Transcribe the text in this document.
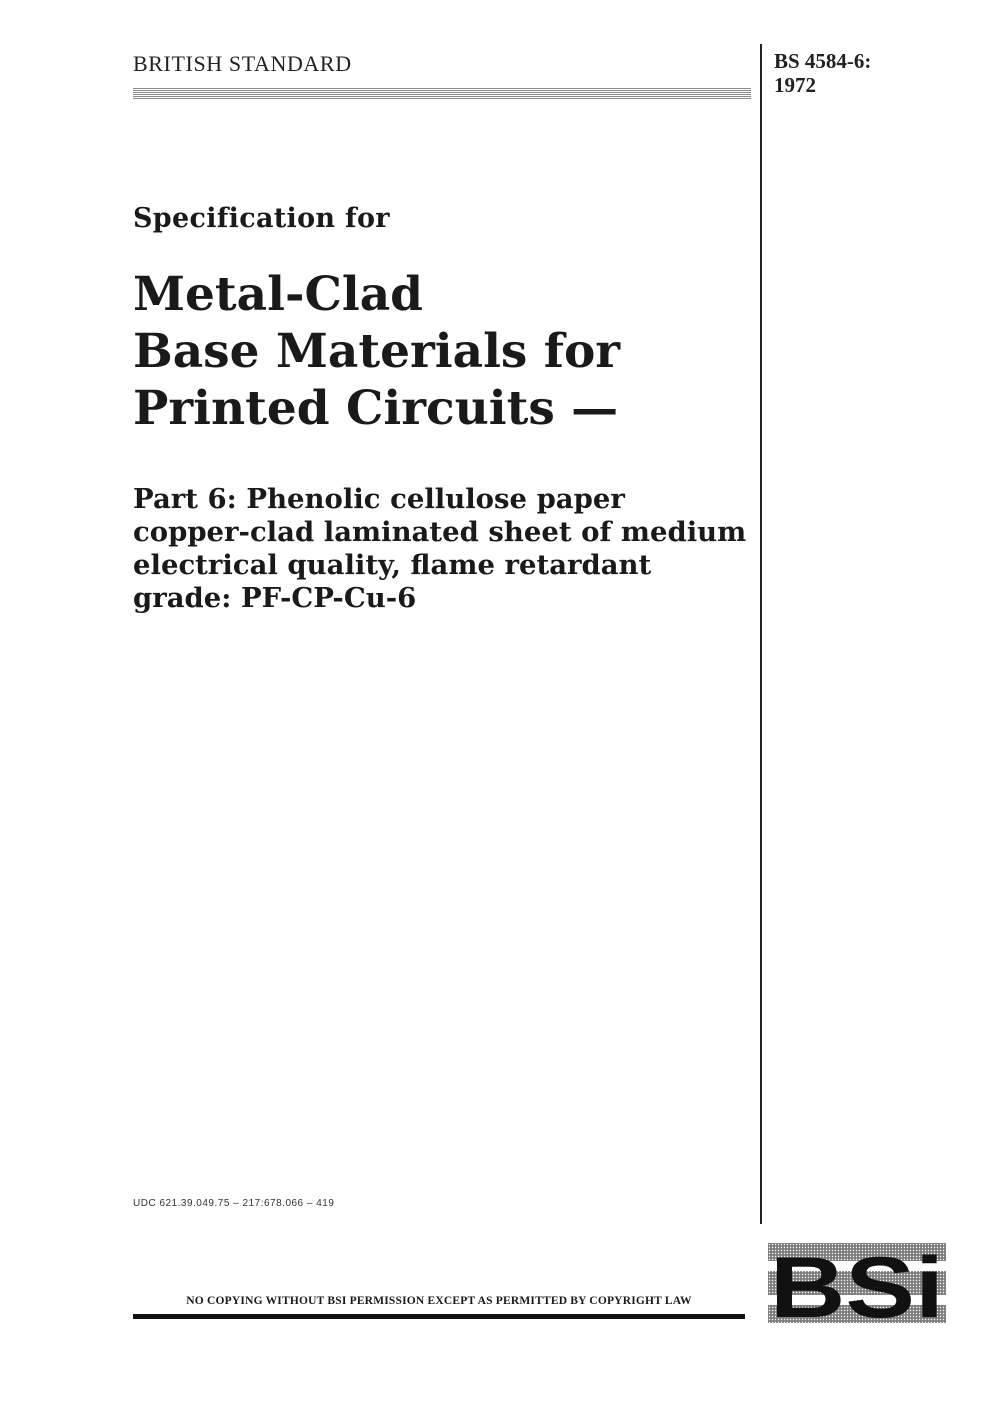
BRITISH STANDARD	BS 4584-6:
1972
Specification for
Metal-Clad
Base Materials for
Printed Circuits —
Part 6: Phenolic cellulose paper
copper-clad laminated sheet of medium
electrical quality, flame retardant
grade: PF-CP-Cu-6
UDC 621.39.049.75 – 217:678.066 – 419
NO COPYING WITHOUT BSI PERMISSION EXCEPT AS PERMITTED BY COPYRIGHT LAW BSi
